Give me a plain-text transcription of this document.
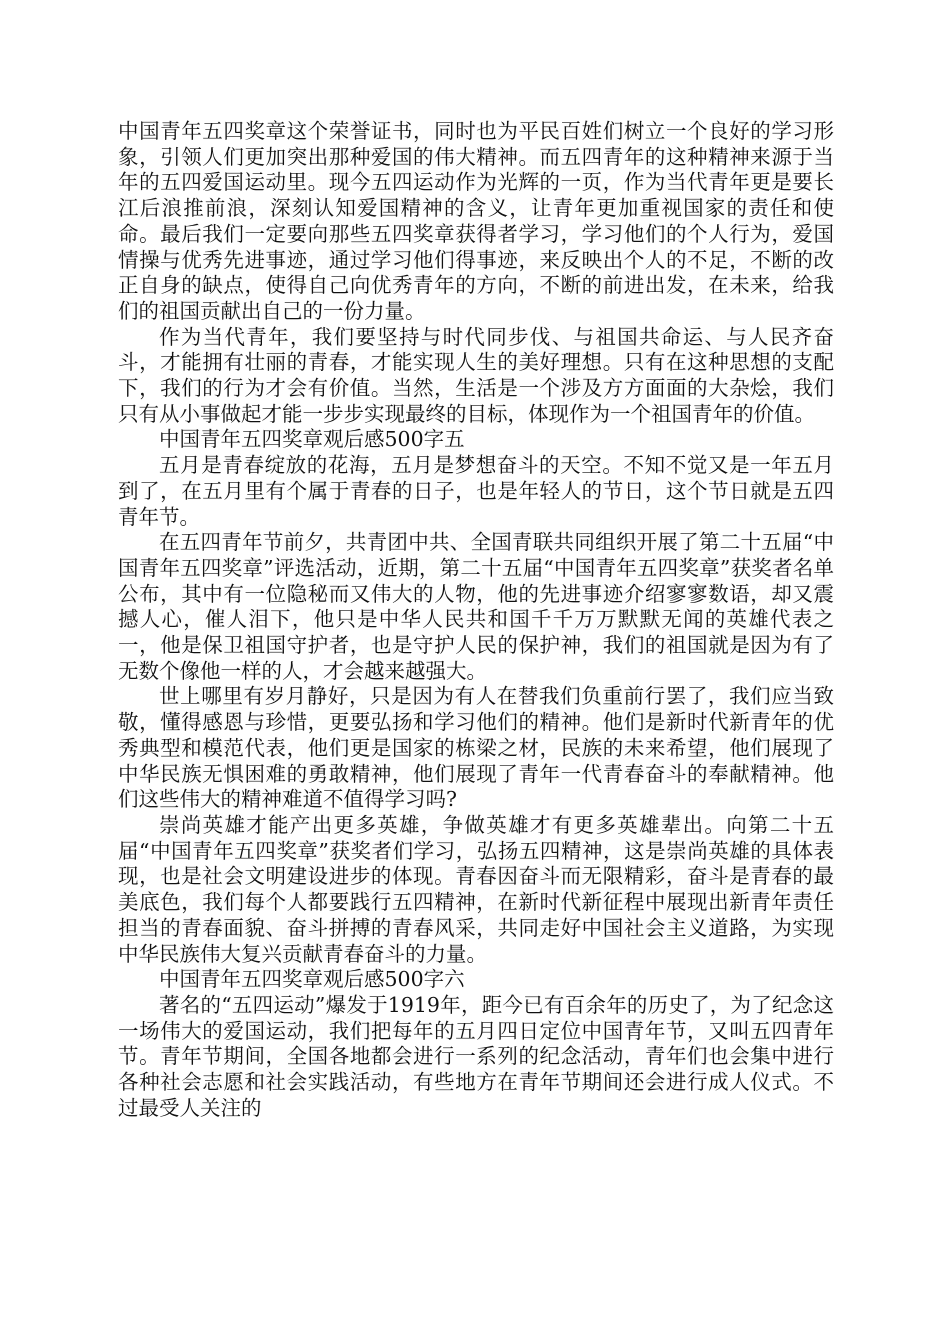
中国青年五四奖章这个荣誉证书，同时也为平民百姓们树立一个良好的学习形象，引领人们更加突出那种爱国的伟大精神。而五四青年的这种精神来源于当年的五四爱国运动里。现今五四运动作为光辉的一页，作为当代青年更是要长江后浪推前浪，深刻认知爱国精神的含义，让青年更加重视国家的责任和使命。最后我们一定要向那些五四奖章获得者学习，学习他们的个人行为，爱国情操与优秀先进事迹，通过学习他们得事迹，来反映出个人的不足，不断的改正自身的缺点，使得自己向优秀青年的方向，不断的前进出发，在未来，给我们的祖国贡献出自己的一份力量。

作为当代青年，我们要坚持与时代同步伐、与祖国共命运、与人民齐奋斗，才能拥有壮丽的青春，才能实现人生的美好理想。只有在这种思想的支配下，我们的行为才会有价值。当然，生活是一个涉及方方面面的大杂烩，我们只有从小事做起才能一步步实现最终的目标，体现作为一个祖国青年的价值。

中国青年五四奖章观后感500字五

五月是青春绽放的花海，五月是梦想奋斗的天空。不知不觉又是一年五月到了，在五月里有个属于青春的日子，也是年轻人的节日，这个节日就是五四青年节。

在五四青年节前夕，共青团中共、全国青联共同组织开展了第二十五届“中国青年五四奖章”评选活动，近期，第二十五届“中国青年五四奖章”获奖者名单公布，其中有一位隐秘而又伟大的人物，他的先进事迹介绍寥寥数语，却又震撼人心，催人泪下，他只是中华人民共和国千千万万默默无闻的英雄代表之一，他是保卫祖国守护者，也是守护人民的保护神，我们的祖国就是因为有了无数个像他一样的人，才会越来越强大。

世上哪里有岁月静好，只是因为有人在替我们负重前行罢了，我们应当致敬，懂得感恩与珍惜，更要弘扬和学习他们的精神。他们是新时代新青年的优秀典型和模范代表，他们更是国家的栋梁之材，民族的未来希望，他们展现了中华民族无惧困难的勇敢精神，他们展现了青年一代青春奋斗的奉献精神。他们这些伟大的精神难道不值得学习吗?

崇尚英雄才能产出更多英雄，争做英雄才有更多英雄辈出。向第二十五届“中国青年五四奖章”获奖者们学习，弘扬五四精神，这是崇尚英雄的具体表现，也是社会文明建设进步的体现。青春因奋斗而无限精彩，奋斗是青春的最美底色，我们每个人都要践行五四精神，在新时代新征程中展现出新青年责任担当的青春面貌、奋斗拼搏的青春风采，共同走好中国社会主义道路，为实现中华民族伟大复兴贡献青春奋斗的力量。

中国青年五四奖章观后感500字六

著名的“五四运动”爆发于1919年，距今已有百余年的历史了，为了纪念这一场伟大的爱国运动，我们把每年的五月四日定位中国青年节，又叫五四青年节。青年节期间，全国各地都会进行一系列的纪念活动，青年们也会集中进行各种社会志愿和社会实践活动，有些地方在青年节期间还会进行成人仪式。不过最受人关注的
